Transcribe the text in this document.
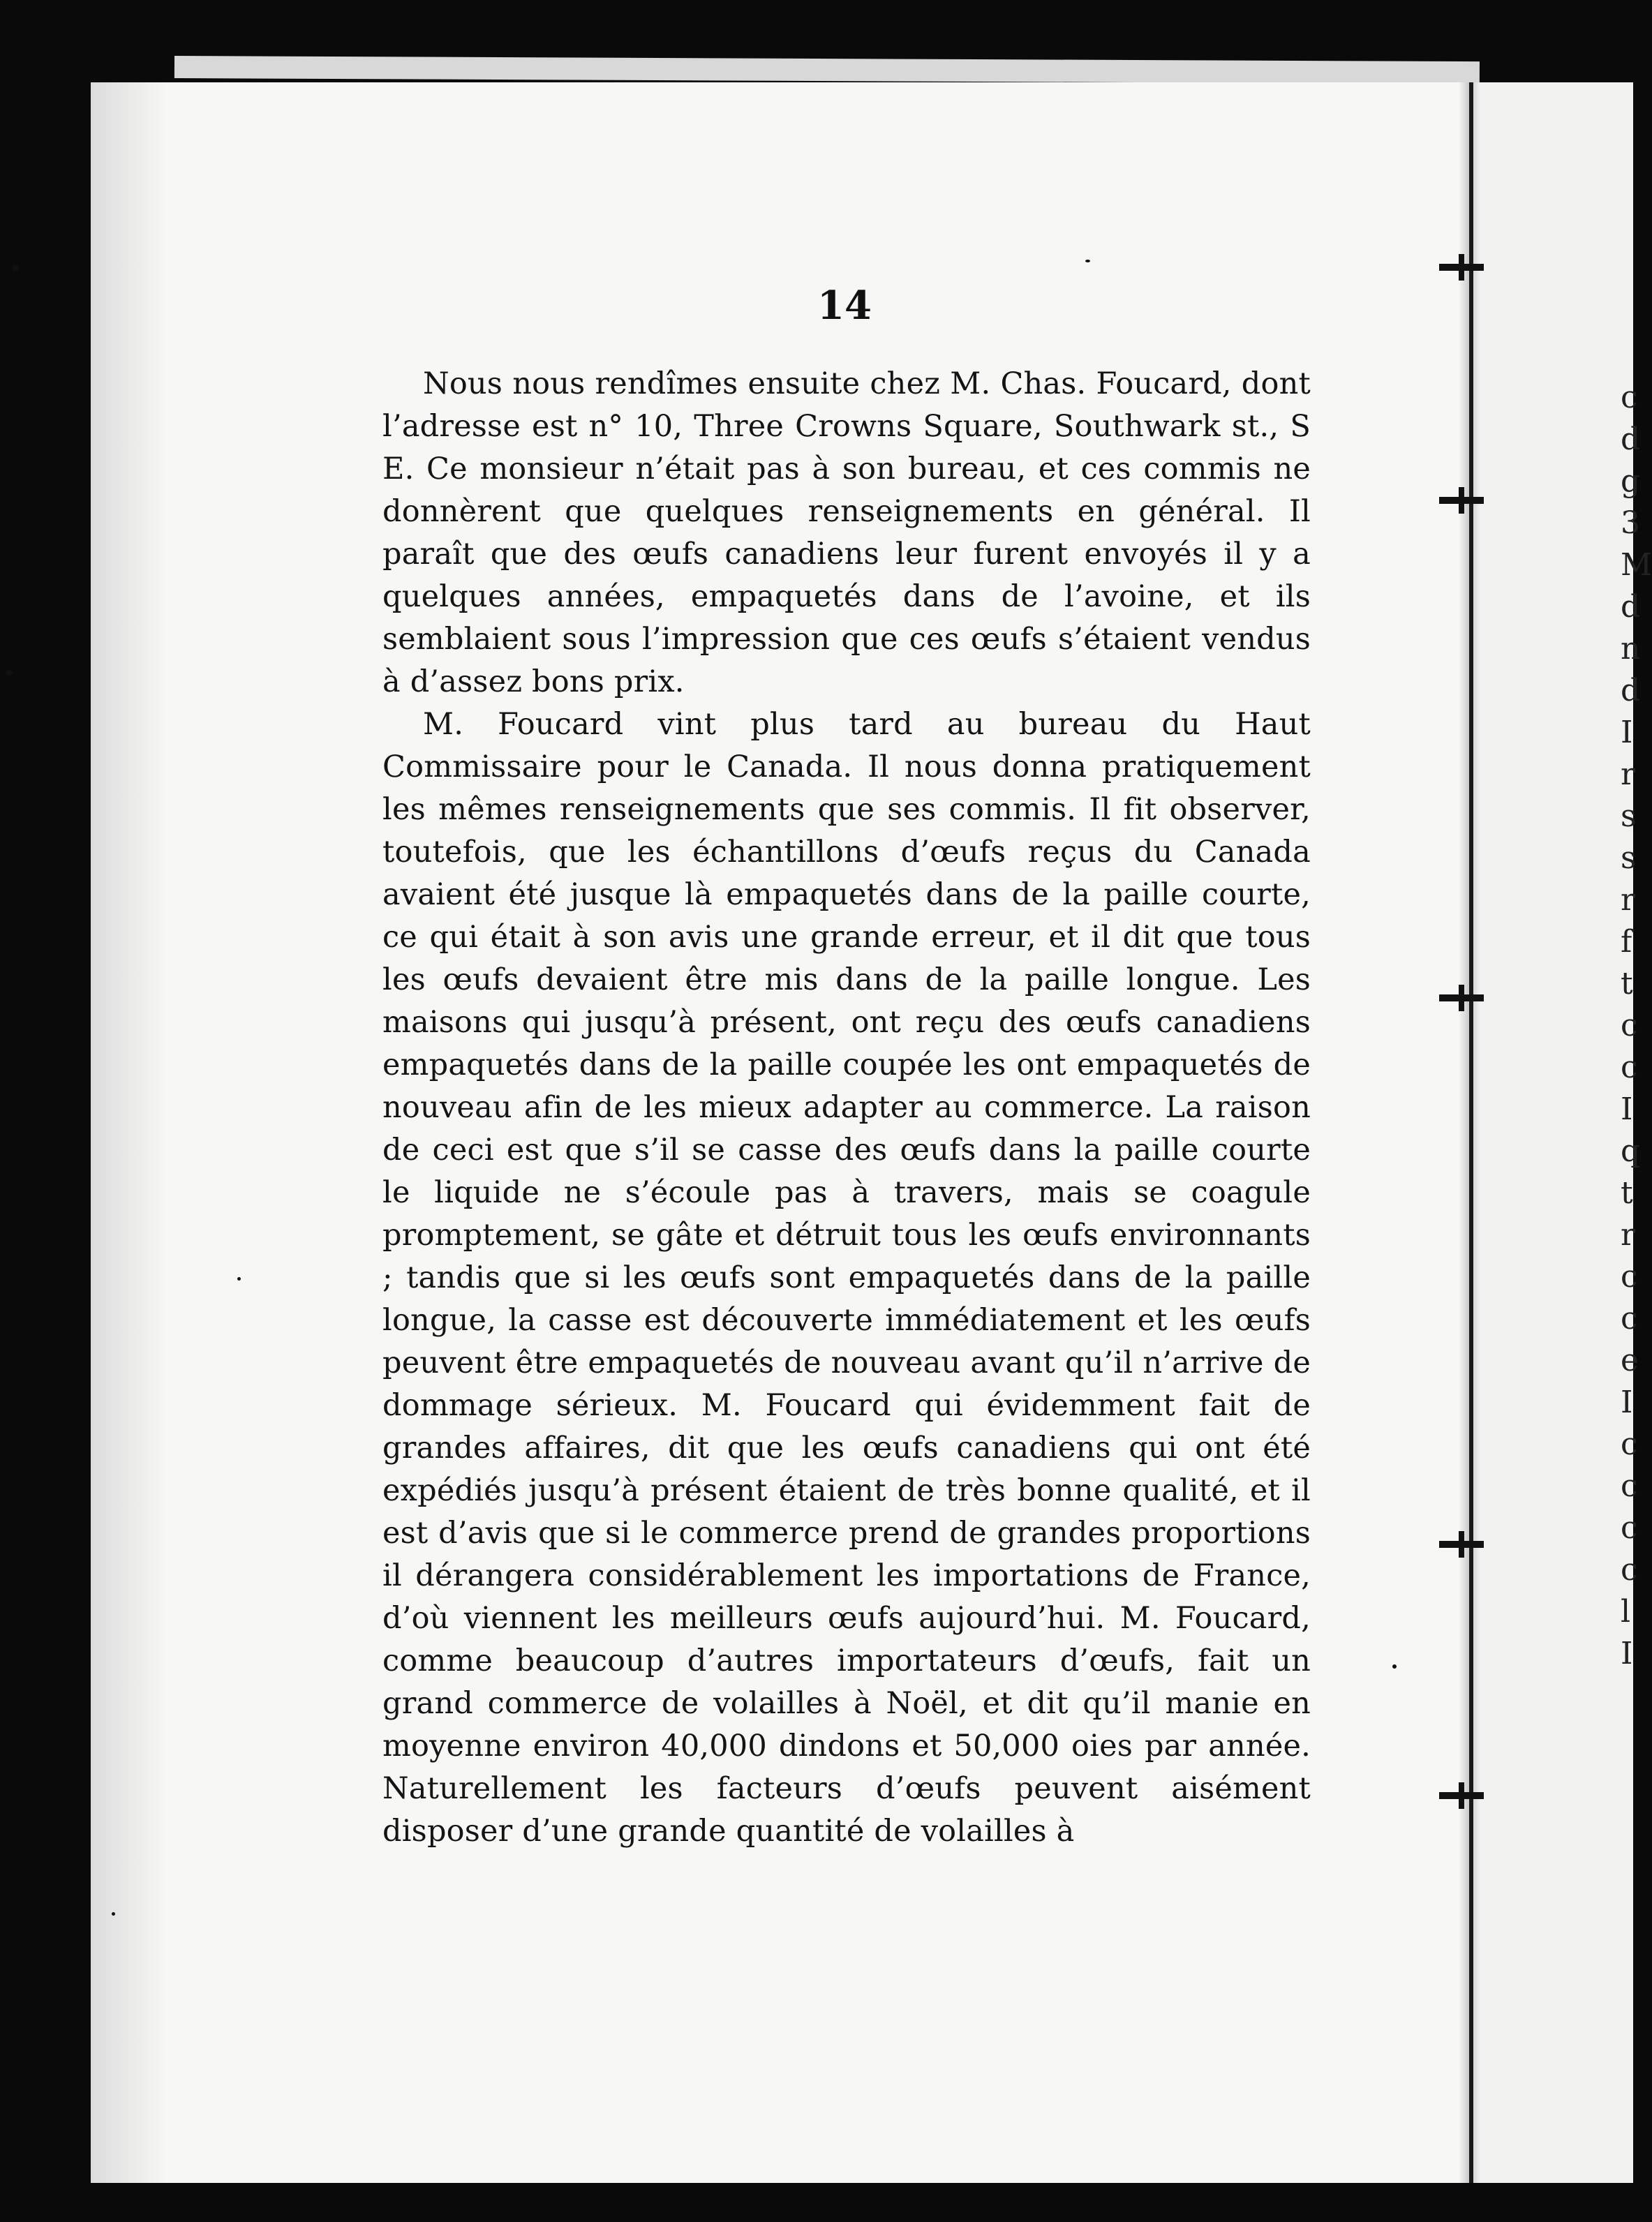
cdg3MdndIrssrftcc IqtrcceIc ccc l I
14

Nous nous rendîmes ensuite chez M. Chas. Foucard, dont l’adresse est n° 10, Three Crowns Square, Southwark st., S E. Ce monsieur n’était pas à son bureau, et ces commis ne donnèrent que quelques renseignements en général. Il paraît que des œufs canadiens leur furent envoyés il y a quelques années, empaquetés dans de l’avoine, et ils semblaient sous l’impression que ces œufs s’étaient vendus à d’assez bons prix.

M. Foucard vint plus tard au bureau du Haut Commissaire pour le Canada. Il nous donna pratiquement les mêmes renseignements que ses commis. Il fit observer, toutefois, que les échantillons d’œufs reçus du Canada avaient été jusque là empaquetés dans de la paille courte, ce qui était à son avis une grande erreur, et il dit que tous les œufs devaient être mis dans de la paille longue. Les maisons qui jusqu’à présent, ont reçu des œufs canadiens empaquetés dans de la paille coupée les ont empaquetés de nouveau afin de les mieux adapter au commerce. La raison de ceci est que s’il se casse des œufs dans la paille courte le liquide ne s’écoule pas à travers, mais se coagule promptement, se gâte et détruit tous les œufs environnants ; tandis que si les œufs sont empaquetés dans de la paille longue, la casse est découverte immédiatement et les œufs peuvent être empaquetés de nouveau avant qu’il n’arrive de dommage sérieux. M. Foucard qui évidemment fait de grandes affaires, dit que les œufs canadiens qui ont été expédiés jusqu’à présent étaient de très bonne qualité, et il est d’avis que si le commerce prend de grandes proportions il dérangera considérablement les importations de France, d’où viennent les meilleurs œufs aujourd’hui. M. Foucard, comme beaucoup d’autres importateurs d’œufs, fait un grand commerce de volailles à Noël, et dit qu’il manie en moyenne environ 40,000 dindons et 50,000 oies par année. Naturellement les facteurs d’œufs peuvent aisément disposer d’une grande quantité de volailles à
